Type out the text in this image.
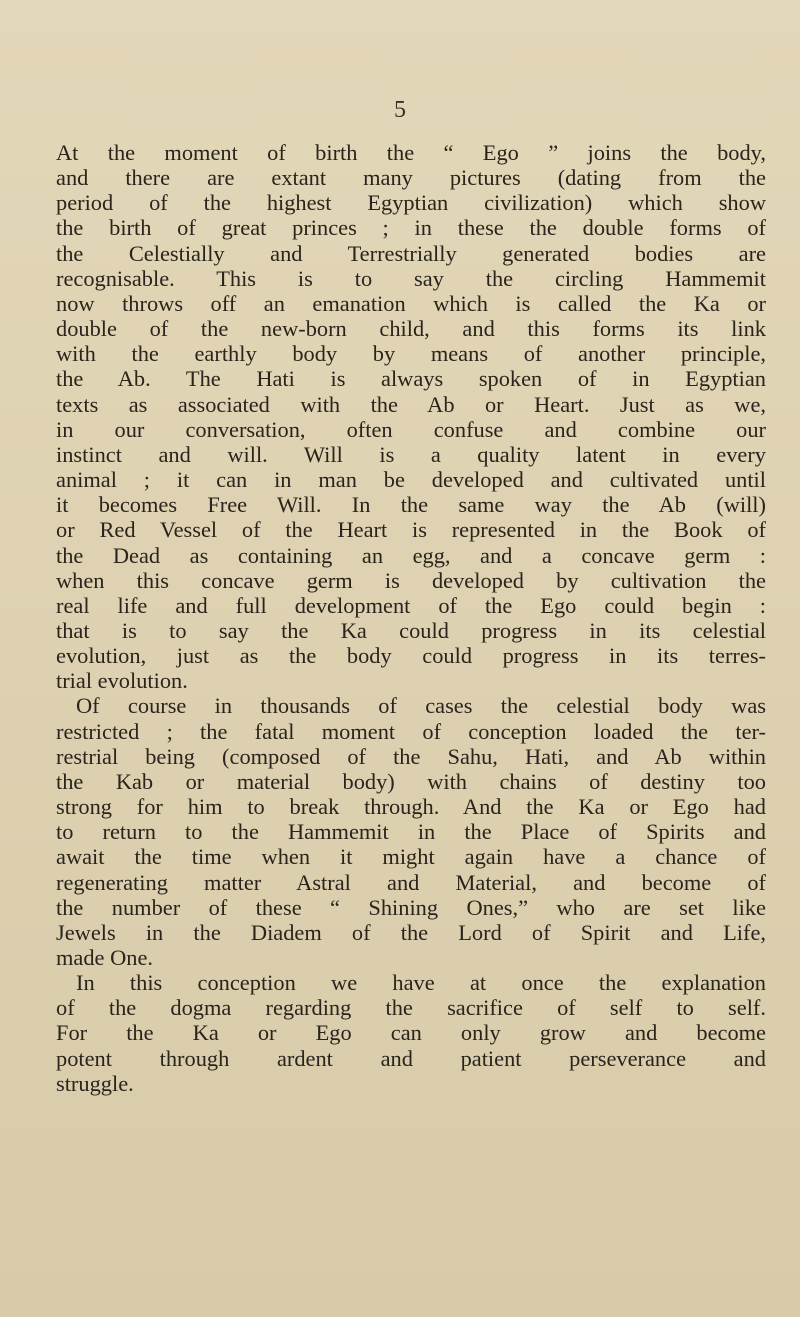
5
At the moment of birth the “ Ego ” joins the body,
and there are extant many pictures (dating from the
period of the highest Egyptian civilization) which show
the birth of great princes ; in these the double forms of
the Celestially and Terrestrially generated bodies are
recognisable. This is to say the circling Hammemit
now throws off an emanation which is called the Ka or
double of the new-born child, and this forms its link
with the earthly body by means of another principle,
the Ab. The Hati is always spoken of in Egyptian
texts as associated with the Ab or Heart. Just as we,
in our conversation, often confuse and combine our
instinct and will. Will is a quality latent in every
animal ; it can in man be developed and cultivated until
it becomes Free Will. In the same way the Ab (will)
or Red Vessel of the Heart is represented in the Book of
the Dead as containing an egg, and a concave germ :
when this concave germ is developed by cultivation the
real life and full development of the Ego could begin :
that is to say the Ka could progress in its celestial
evolution, just as the body could progress in its terres-
trial evolution.
Of course in thousands of cases the celestial body was
restricted ; the fatal moment of conception loaded the ter-
restrial being (composed of the Sahu, Hati, and Ab within
the Kab or material body) with chains of destiny too
strong for him to break through. And the Ka or Ego had
to return to the Hammemit in the Place of Spirits and
await the time when it might again have a chance of
regenerating matter Astral and Material, and become of
the number of these “ Shining Ones,” who are set like
Jewels in the Diadem of the Lord of Spirit and Life,
made One.
In this conception we have at once the explanation
of the dogma regarding the sacrifice of self to self.
For the Ka or Ego can only grow and become
potent through ardent and patient perseverance and
struggle.
